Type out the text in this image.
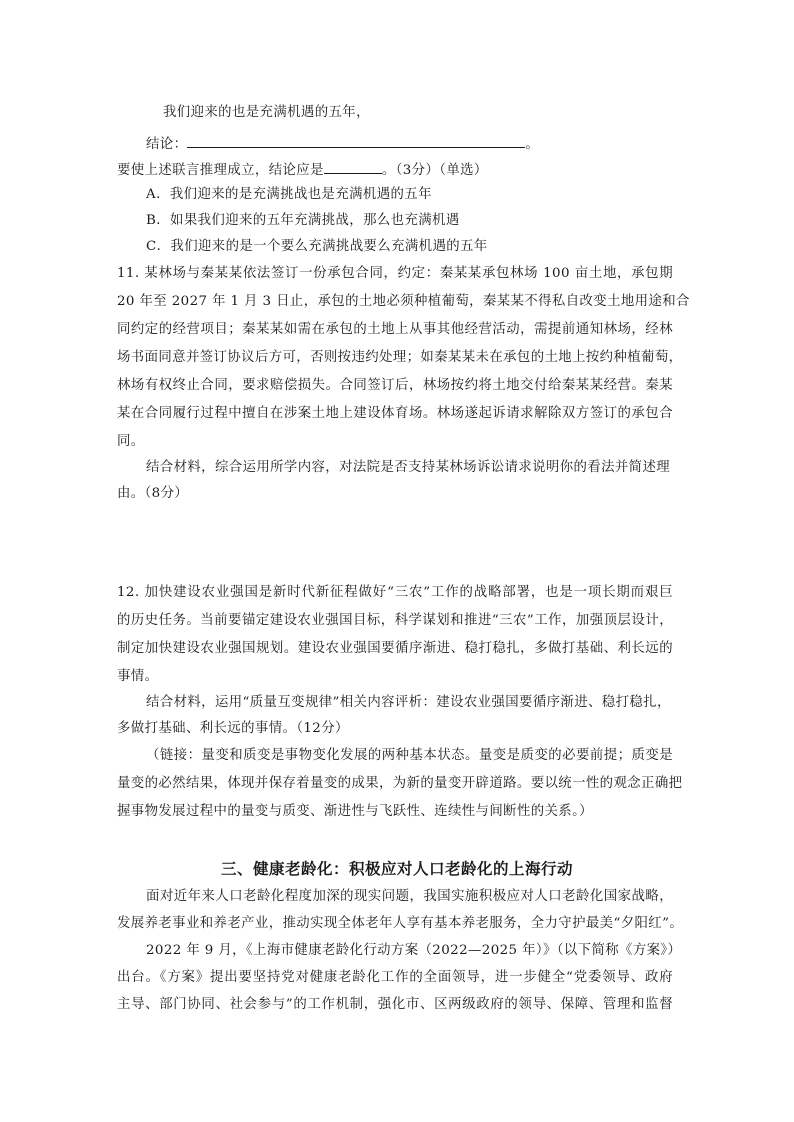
我们迎来的也是充满机遇的五年，
结论：	。
要使上述联言推理成立，结论应是	。（3分）（单选）
A．我们迎来的是充满挑战也是充满机遇的五年
B．如果我们迎来的五年充满挑战，那么也充满机遇
C．我们迎来的是一个要么充满挑战要么充满机遇的五年
11. 某林场与秦某某依法签订一份承包合同，约定：秦某某承包林场 100 亩土地，承包期
20 年至 2027 年 1 月 3 日止，承包的土地必须种植葡萄，秦某某不得私自改变土地用途和合
同约定的经营项目；秦某某如需在承包的土地上从事其他经营活动，需提前通知林场，经林
场书面同意并签订协议后方可，否则按违约处理；如秦某某未在承包的土地上按约种植葡萄，
林场有权终止合同，要求赔偿损失。合同签订后，林场按约将土地交付给秦某某经营。秦某
某在合同履行过程中擅自在涉案土地上建设体育场。林场遂起诉请求解除双方签订的承包合
同。
结合材料，综合运用所学内容，对法院是否支持某林场诉讼请求说明你的看法并简述理
由。（8分）
12. 加快建设农业强国是新时代新征程做好“三农”工作的战略部署，也是一项长期而艰巨
的历史任务。当前要锚定建设农业强国目标，科学谋划和推进“三农”工作，加强顶层设计，
制定加快建设农业强国规划。建设农业强国要循序渐进、稳打稳扎，多做打基础、利长远的
事情。
结合材料，运用“质量互变规律”相关内容评析：建设农业强国要循序渐进、稳打稳扎，
多做打基础、利长远的事情。（12分）
（链接：量变和质变是事物变化发展的两种基本状态。量变是质变的必要前提；质变是
量变的必然结果，体现并保存着量变的成果，为新的量变开辟道路。要以统一性的观念正确把
握事物发展过程中的量变与质变、渐进性与飞跃性、连续性与间断性的关系。）
三、健康老龄化：积极应对人口老龄化的上海行动
面对近年来人口老龄化程度加深的现实问题，我国实施积极应对人口老龄化国家战略，
发展养老事业和养老产业，推动实现全体老年人享有基本养老服务，全力守护最美“夕阳红”。
2022 年 9 月，《上海市健康老龄化行动方案（2022—2025 年）》（以下简称《方案》）
出台。《方案》提出要坚持党对健康老龄化工作的全面领导，进一步健全“党委领导、政府
主导、部门协同、社会参与”的工作机制，强化市、区两级政府的领导、保障、管理和监督
